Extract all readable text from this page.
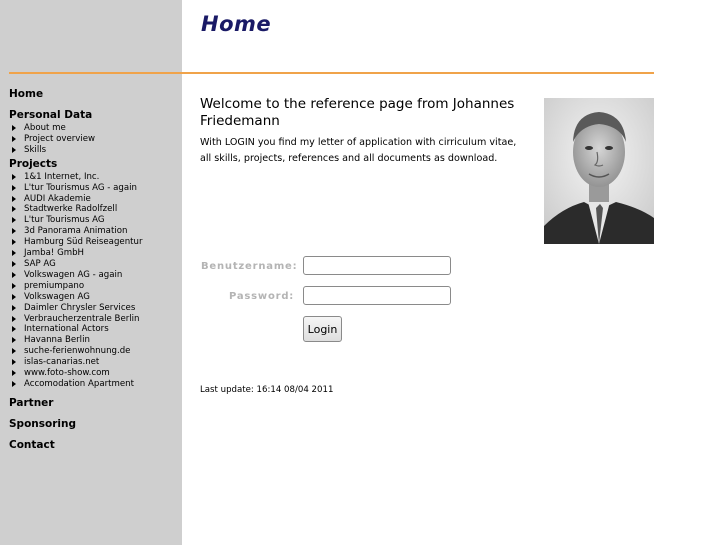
Home
Home
Personal Data
About me
Project overview
Skills
Projects
1&1 Internet, Inc.
L'tur Tourismus AG - again
AUDI Akademie
Stadtwerke Radolfzell
L'tur Tourismus AG
3d Panorama Animation
Hamburg Süd Reiseagentur
Jamba! GmbH
SAP AG
Volkswagen AG - again
premiumpano
Volkswagen AG
Daimler Chrysler Services
Verbraucherzentrale Berlin
International Actors
Havanna Berlin
suche-ferienwohnung.de
islas-canarias.net
www.foto-show.com
Accomodation Apartment
Partner
Sponsoring
Contact
Welcome to the reference page from Johannes Friedemann

With LOGIN you find my letter of application with cirriculum vitae, all skills, projects, references and all documents as download.

Benutzername:
Password:
Login
Last update: 16:14 08/04 2011
